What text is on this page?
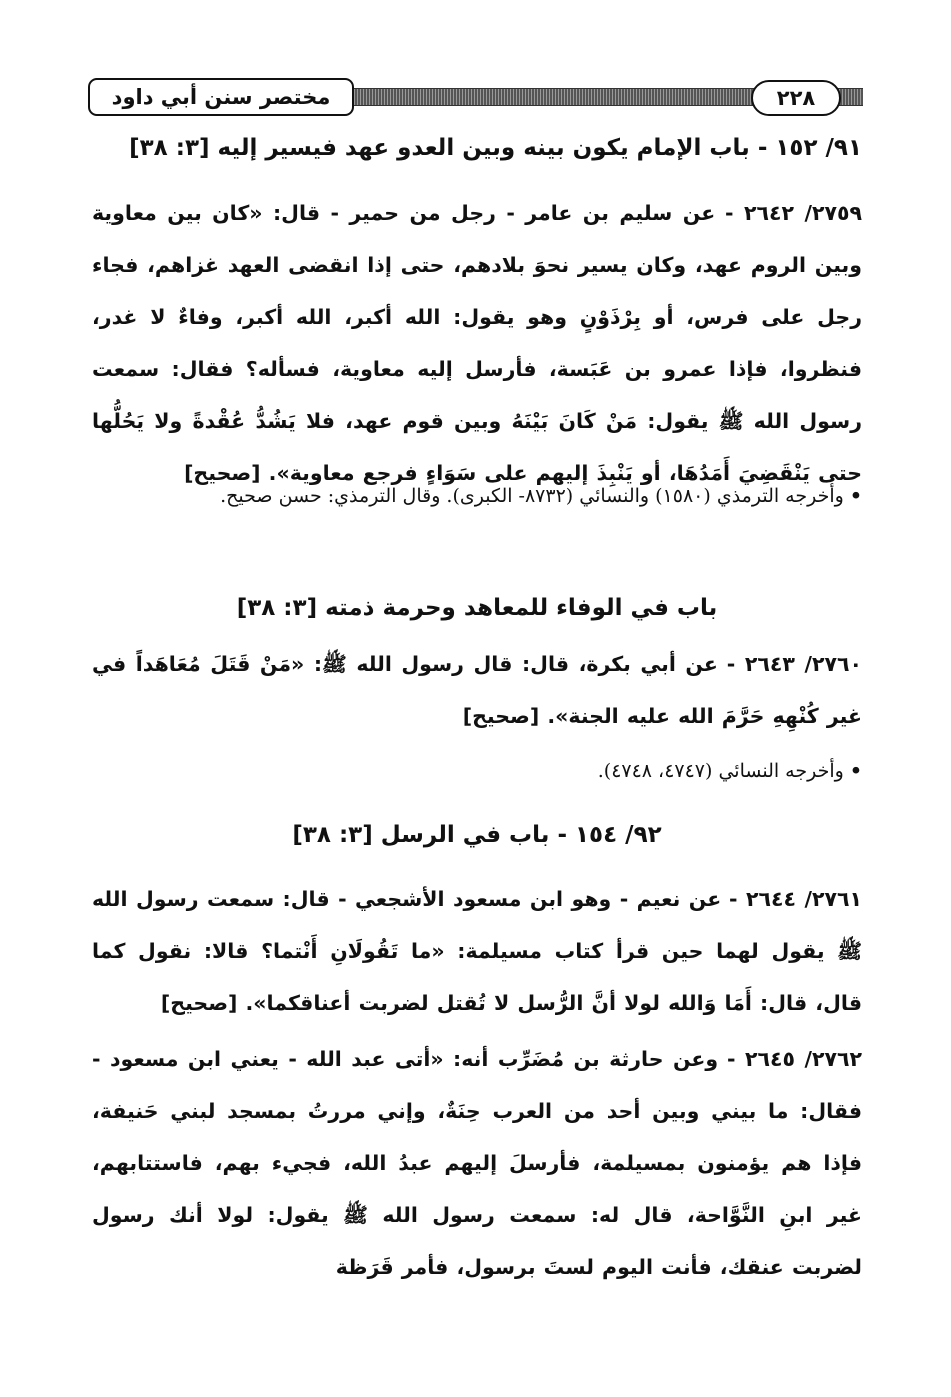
مختصر سنن أبي داود	٢٢٨
٩١/ ١٥٢ - باب الإمام يكون بينه وبين العدو عهد فيسير إليه [٣: ٣٨]
٢٧٥٩/ ٢٦٤٢ - عن سليم بن عامر - رجل من حمير - قال: «كان بين معاوية وبين الروم عهد، وكان يسير نحوَ بلادهم، حتى إذا انقضى العهد غزاهم، فجاء رجل على فرس، أو بِرْذَوْنٍ وهو يقول: الله أكبر، الله أكبر، وفاءٌ لا غدر، فنظروا، فإذا عمرو بن عَبَسة، فأرسل إليه معاوية، فسأله؟ فقال: سمعت رسول الله ﷺ يقول: مَنْ كَانَ بَيْنَهُ وبين قوم عهد، فلا يَشُدُّ عُقْدةً ولا يَحُلُّها حتى يَنْقَضِيَ أَمَدُهَا، أو يَنْبِذَ إليهم على سَوَاءٍ فرجع معاوية». [صحيح]
• وأخرجه الترمذي (١٥٨٠) والنسائي (٨٧٣٢- الكبرى). وقال الترمذي: حسن صحيح.
باب في الوفاء للمعاهد وحرمة ذمته [٣: ٣٨]
٢٧٦٠/ ٢٦٤٣ - عن أبي بكرة، قال: قال رسول الله ﷺ: «مَنْ قَتَلَ مُعَاهَداً في غير كُنْهِهِ حَرَّمَ الله عليه الجنة». [صحيح]
• وأخرجه النسائي (٤٧٤٧، ٤٧٤٨).
٩٢/ ١٥٤ - باب في الرسل [٣: ٣٨]
٢٧٦١/ ٢٦٤٤ - عن نعيم - وهو ابن مسعود الأشجعي - قال: سمعت رسول الله ﷺ يقول لهما حين قرأ كتاب مسيلمة: «ما تَقُولَانِ أَنْتما؟ قالا: نقول كما قال، قال: أَمَا وَالله لولا أنَّ الرُّسل لا تُقتل لضربت أعناقكما». [صحيح]
٢٧٦٢/ ٢٦٤٥ - وعن حارثة بن مُضَرِّب أنه: «أتى عبد الله - يعني ابن مسعود - فقال: ما بيني وبين أحد من العرب حِنَةٌ، وإني مررتُ بمسجد لبني حَنيفة، فإذا هم يؤمنون بمسيلمة، فأرسلَ إليهم عبدُ الله، فجيء بهم، فاستتابهم، غير ابنِ النَّوَّاحة، قال له: سمعت رسول الله ﷺ يقول: لولا أنك رسول لضربت عنقك، فأنت اليوم لستَ برسول، فأمر قَرَظة
